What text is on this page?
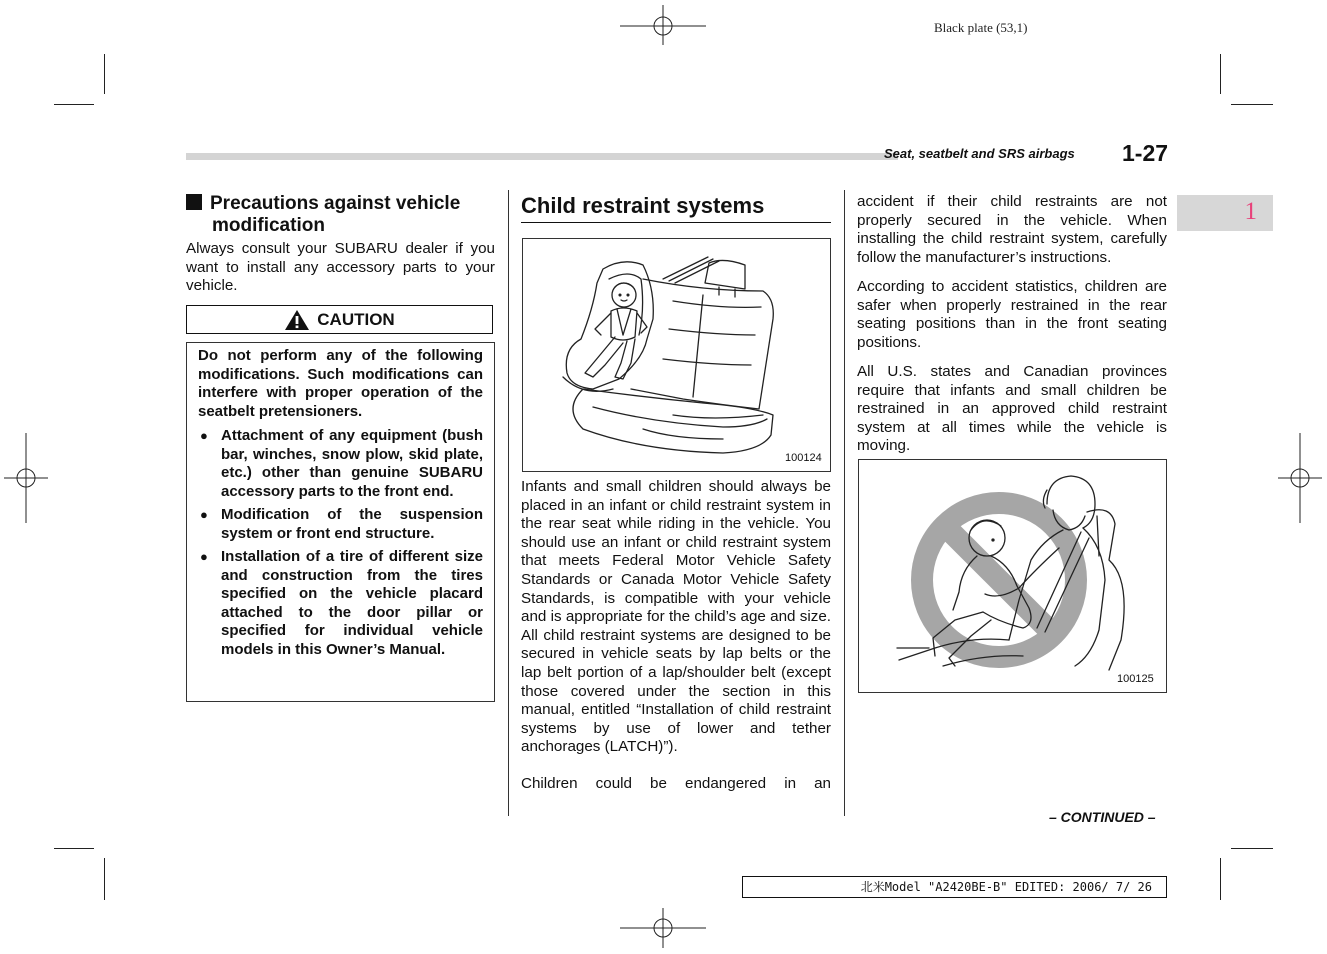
Black plate (53,1)
Seat, seatbelt and SRS airbags 1-27
1
Precautions against vehicle
modification
Always consult your SUBARU dealer if you want to install any accessory parts to your vehicle.
CAUTION
Do not perform any of the following modifications. Such modifications can interfere with proper operation of the seatbelt pretensioners.
● Attachment of any equipment (bush bar, winches, snow plow, skid plate, etc.) other than genuine SUBARU accessory parts to the front end.
● Modification of the suspension system or front end structure.
● Installation of a tire of different size and construction from the tires specified on the vehicle placard attached to the door pillar or specified for individual vehicle models in this Owner’s Manual.
Child restraint systems
100124
Infants and small children should always be placed in an infant or child restraint system in the rear seat while riding in the vehicle. You should use an infant or child restraint system that meets Federal Motor Vehicle Safety Standards or Canada Motor Vehicle Safety Standards, is compatible with your vehicle and is appropriate for the child’s age and size. All child restraint systems are designed to be secured in vehicle seats by lap belts or the lap belt portion of a lap/shoulder belt (except those covered under the section in this manual, entitled “Installation of child restraint systems by use of lower and tether anchorages (LATCH)”).
Children could be endangered in an
accident if their child restraints are not properly secured in the vehicle. When installing the child restraint system, carefully follow the manufacturer’s instructions.
According to accident statistics, children are safer when properly restrained in the rear seating positions than in the front seating positions.
All U.S. states and Canadian provinces require that infants and small children be restrained in an approved child restraint system at all times while the vehicle is moving.
100125
– CONTINUED –
北米Model "A2420BE-B" EDITED: 2006/ 7/ 26
